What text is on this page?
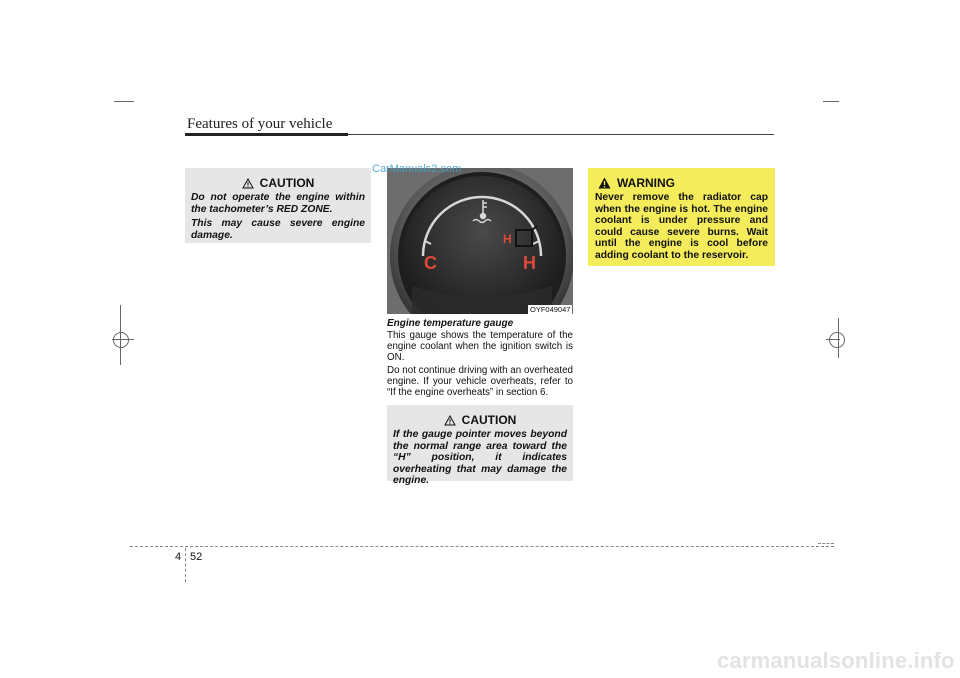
Features of your vehicle
CAUTION

Do not operate the engine within the tachometer’s RED ZONE.

This may cause severe engine damage.	H
C	H
CarManuals2.com
OYF049047
Engine temperature gauge

This gauge shows the temperature of the engine coolant when the ignition switch is ON.

Do not continue driving with an overheated engine. If your vehicle overheats, refer to “If the engine overheats” in section 6.

CAUTION
If the gauge pointer moves beyond the normal range area toward the “H” position, it indicates overheating that may damage the engine.
WARNING
Never remove the radiator cap when the engine is hot. The engine coolant is under pressure and could cause severe burns. Wait until the engine is cool before adding coolant to the reservoir.
4 52
carmanualsonline.info
